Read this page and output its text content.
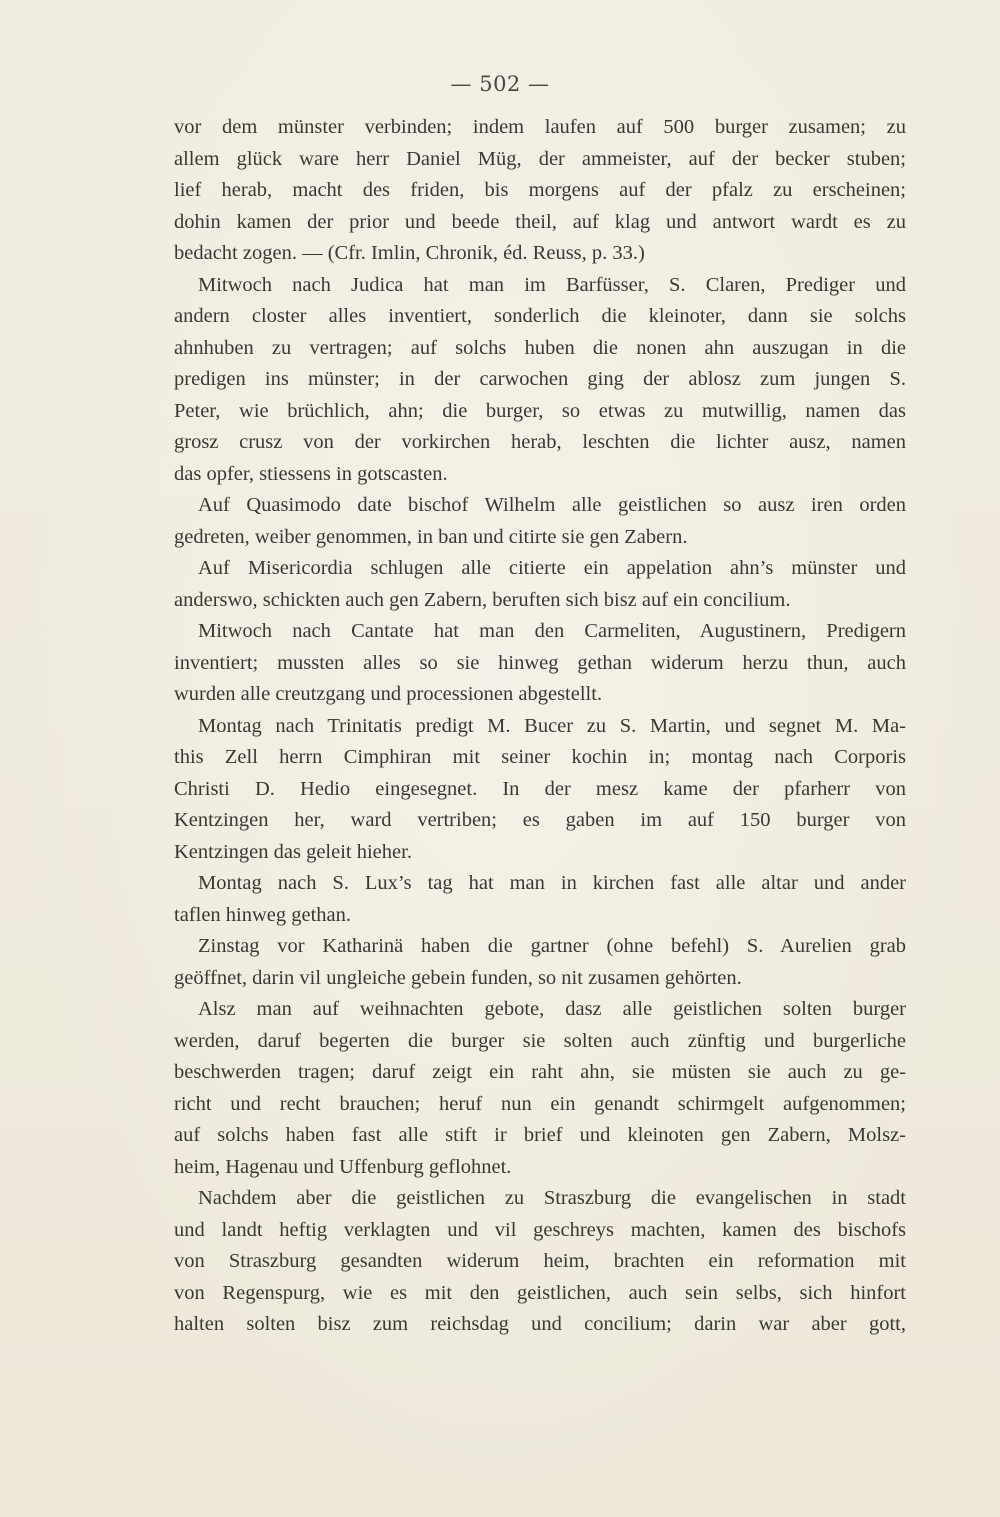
— 502 —
vor dem münster verbinden; indem laufen auf 500 burger zusamen; zu
allem glück ware herr Daniel Müg, der ammeister, auf der becker stuben;
lief herab, macht des friden, bis morgens auf der pfalz zu erscheinen;
dohin kamen der prior und beede theil, auf klag und antwort wardt es zu
bedacht zogen. — (Cfr. Imlin, Chronik, éd. Reuss, p. 33.)
Mitwoch nach Judica hat man im Barfüsser, S. Claren, Prediger und
andern closter alles inventiert, sonderlich die kleinoter, dann sie solchs
ahnhuben zu vertragen; auf solchs huben die nonen ahn auszugan in die
predigen ins münster; in der carwochen ging der ablosz zum jungen S.
Peter, wie brüchlich, ahn; die burger, so etwas zu mutwillig, namen das
grosz crusz von der vorkirchen herab, leschten die lichter ausz, namen
das opfer, stiessens in gotscasten.
Auf Quasimodo date bischof Wilhelm alle geistlichen so ausz iren orden
gedreten, weiber genommen, in ban und citirte sie gen Zabern.
Auf Misericordia schlugen alle citierte ein appelation ahn’s münster und
anderswo, schickten auch gen Zabern, beruften sich bisz auf ein concilium.
Mitwoch nach Cantate hat man den Carmeliten, Augustinern, Predigern
inventiert; mussten alles so sie hinweg gethan widerum herzu thun, auch
wurden alle creutzgang und processionen abgestellt.
Montag nach Trinitatis predigt M. Bucer zu S. Martin, und segnet M. Ma-
this Zell herrn Cimphiran mit seiner kochin in; montag nach Corporis
Christi D. Hedio eingesegnet. In der mesz kame der pfarherr von
Kentzingen her, ward vertriben; es gaben im auf 150 burger von
Kentzingen das geleit hieher.
Montag nach S. Lux’s tag hat man in kirchen fast alle altar und ander
taflen hinweg gethan.
Zinstag vor Katharinä haben die gartner (ohne befehl) S. Aurelien grab
geöffnet, darin vil ungleiche gebein funden, so nit zusamen gehörten.
Alsz man auf weihnachten gebote, dasz alle geistlichen solten burger
werden, daruf begerten die burger sie solten auch zünftig und burgerliche
beschwerden tragen; daruf zeigt ein raht ahn, sie müsten sie auch zu ge-
richt und recht brauchen; heruf nun ein genandt schirmgelt aufgenommen;
auf solchs haben fast alle stift ir brief und kleinoten gen Zabern, Molsz-
heim, Hagenau und Uffenburg geflohnet.
Nachdem aber die geistlichen zu Straszburg die evangelischen in stadt
und landt heftig verklagten und vil geschreys machten, kamen des bischofs
von Straszburg gesandten widerum heim, brachten ein reformation mit
von Regenspurg, wie es mit den geistlichen, auch sein selbs, sich hinfort
halten solten bisz zum reichsdag und concilium; darin war aber gott,
